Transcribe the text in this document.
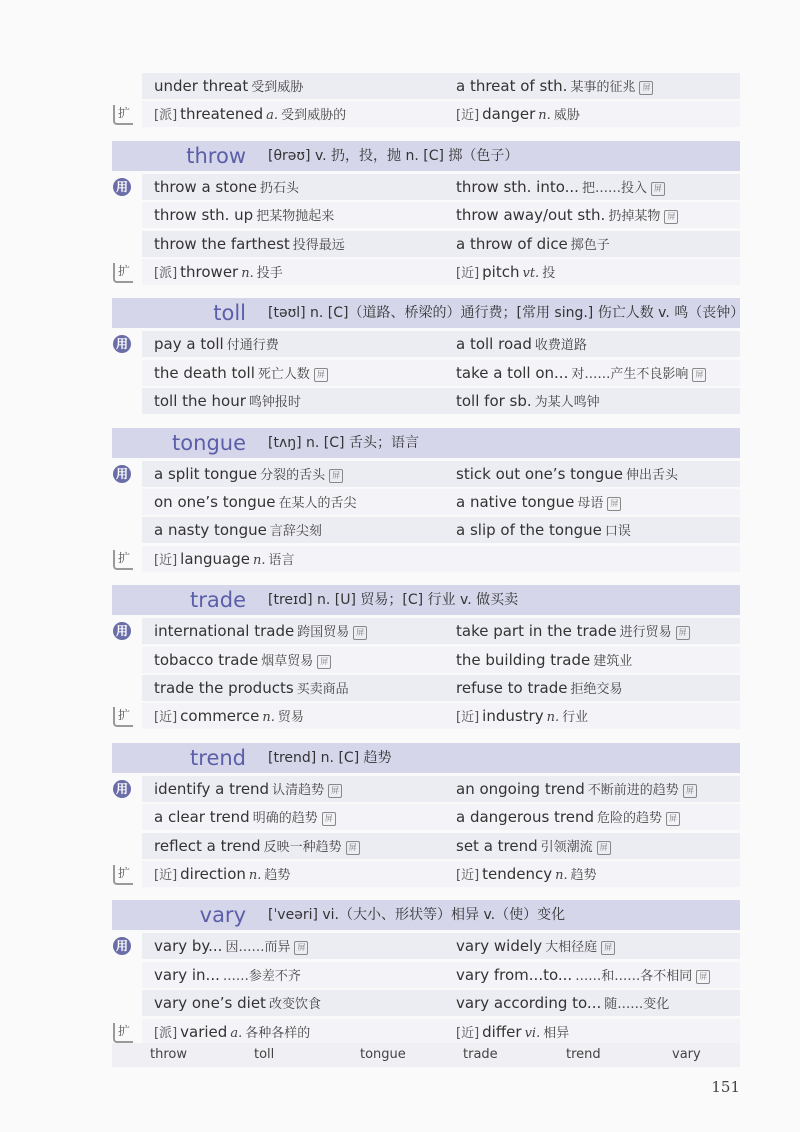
under threat 受到威胁	a threat of sth. 某事的征兆 屏
[派] threatened a. 受到威胁的	[近] danger n. 威胁
扩
throw [θrəʊ] v. 扔，投，抛 n. [C] 掷（色子）
throw a stone 扔石头	throw sth. into... 把……投入 屏
用
throw sth. up 把某物抛起来	throw away/out sth. 扔掉某物 屏
throw the farthest 投得最远	a throw of dice 掷色子
[派] thrower n. 投手	[近] pitch vt. 投
扩
toll [təʊl] n. [C]（道路、桥梁的）通行费；[常用 sing.] 伤亡人数 v. 鸣（丧钟）
pay a toll 付通行费	a toll road 收费道路
用
the death toll 死亡人数 屏	take a toll on... 对……产生不良影响 屏
toll the hour 鸣钟报时	toll for sb. 为某人鸣钟
tongue [tʌŋ] n. [C] 舌头；语言
a split tongue 分裂的舌头 屏	stick out one’s tongue 伸出舌头
用
on one’s tongue 在某人的舌尖	a native tongue 母语 屏
a nasty tongue 言辞尖刻	a slip of the tongue 口误
[近] language n. 语言
扩
trade [treɪd] n. [U] 贸易；[C] 行业 v. 做买卖
international trade 跨国贸易 屏	take part in the trade 进行贸易 屏
用
tobacco trade 烟草贸易 屏	the building trade 建筑业
trade the products 买卖商品	refuse to trade 拒绝交易
[近] commerce n. 贸易	[近] industry n. 行业
扩
trend [trend] n. [C] 趋势
identify a trend 认清趋势 屏	an ongoing trend 不断前进的趋势 屏
用
a clear trend 明确的趋势 屏	a dangerous trend 危险的趋势 屏
reflect a trend 反映一种趋势 屏	set a trend 引领潮流 屏
[近] direction n. 趋势	[近] tendency n. 趋势
扩
vary [ˈveəri] vi.（大小、形状等）相异 v.（使）变化
vary by... 因……而异 屏	vary widely 大相径庭 屏
用
vary in... ……参差不齐	vary from...to... ……和……各不相同 屏
vary one’s diet 改变饮食	vary according to... 随……变化
[派] varied a. 各种各样的	[近] differ vi. 相异
扩
throw	toll	tongue	trade	trend	vary
151
